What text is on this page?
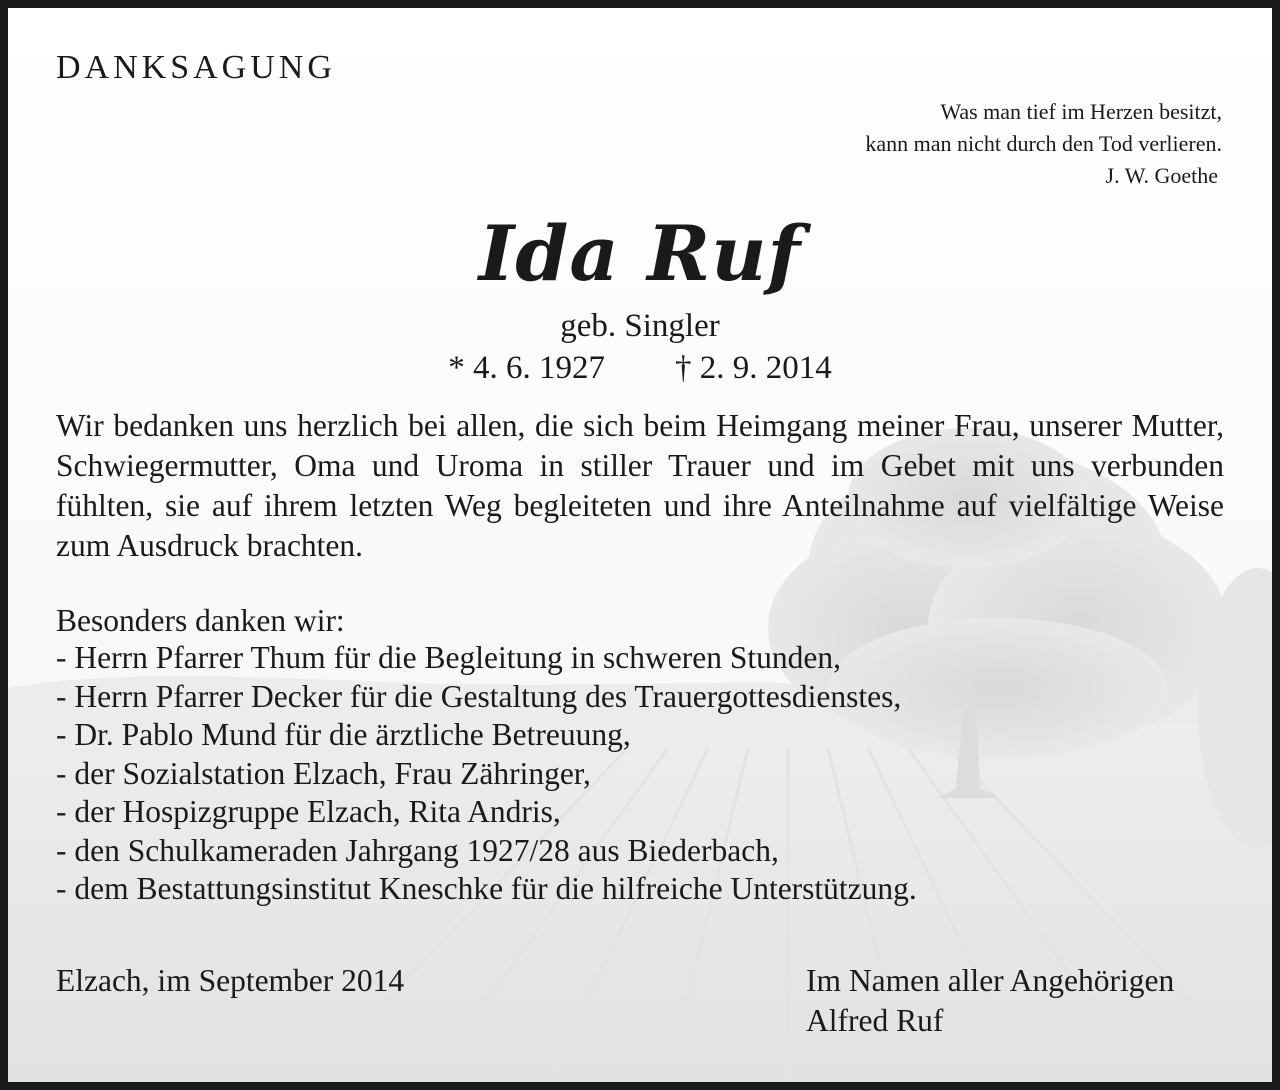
DANKSAGUNG
Was man tief im Herzen besitzt,
kann man nicht durch den Tod verlieren.
J. W. Goethe
Ida Ruf
geb. Singler
* 4. 6. 1927 † 2. 9. 2014

Wir bedanken uns herzlich bei allen, die sich beim Heimgang meiner Frau, unserer Mutter, Schwiegermutter, Oma und Uroma in stiller Trauer und im Gebet mit uns verbunden fühlten, sie auf ihrem letzten Weg begleiteten und ihre Anteilnahme auf vielfältige Weise zum Ausdruck brachten.

Besonders danken wir:

- Herrn Pfarrer Thum für die Begleitung in schweren Stunden,
- Herrn Pfarrer Decker für die Gestaltung des Trauergottesdienstes,
- Dr. Pablo Mund für die ärztliche Betreuung,
- der Sozialstation Elzach, Frau Zähringer,
- der Hospizgruppe Elzach, Rita Andris,
- den Schulkameraden Jahrgang 1927/28 aus Biederbach,
- dem Bestattungsinstitut Kneschke für die hilfreiche Unterstützung.
Elzach, im September 2014	Im Namen aller Angehörigen
Alfred Ruf
